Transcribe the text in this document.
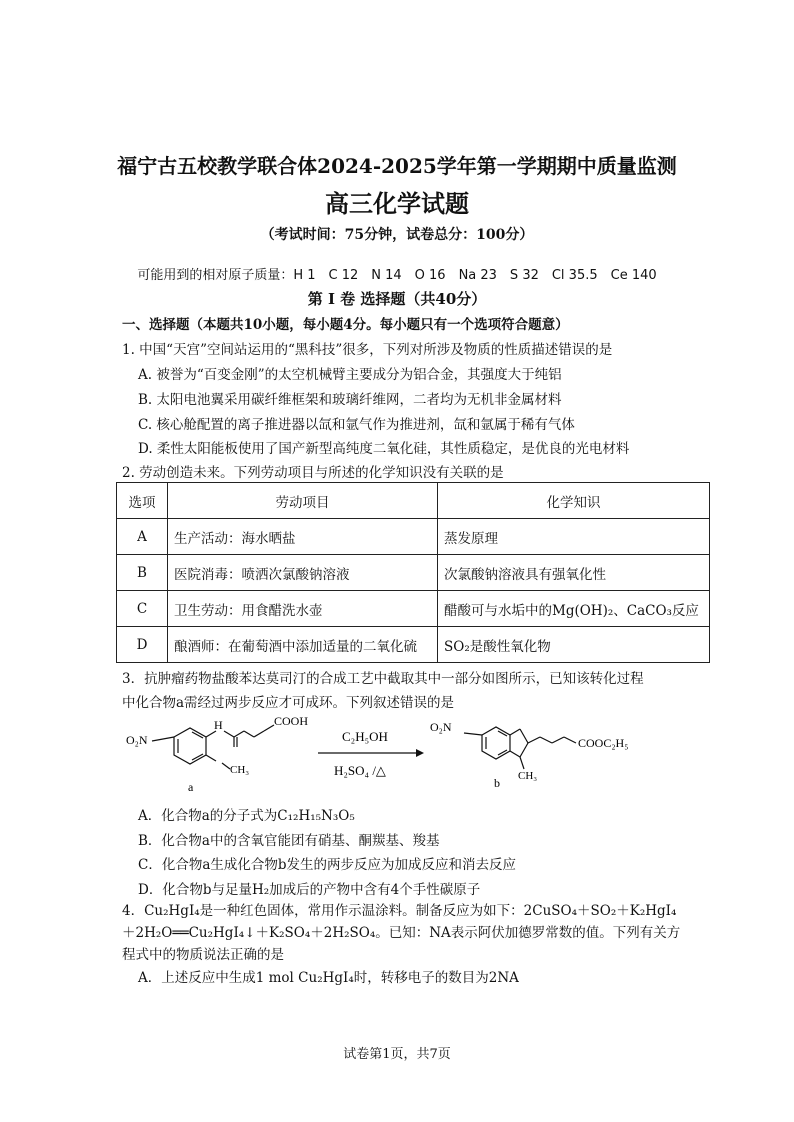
福宁古五校教学联合体2024-2025学年第一学期期中质量监测
高三化学试题
（考试时间：75分钟，试卷总分：100分）
可能用到的相对原子质量：H 1　C 12　N 14　O 16　Na 23　S 32　Cl 35.5　Ce 140
第 I 卷 选择题（共40分）
一、选择题（本题共10小题，每小题4分。每小题只有一个选项符合题意）
1. 中国“天宫”空间站运用的“黑科技”很多，下列对所涉及物质的性质描述错误的是
A. 被誉为“百变金刚”的太空机械臂主要成分为铝合金，其强度大于纯铝
B. 太阳电池翼采用碳纤维框架和玻璃纤维网，二者均为无机非金属材料
C. 核心舱配置的离子推进器以氙和氩气作为推进剂，氙和氩属于稀有气体
D. 柔性太阳能板使用了国产新型高纯度二氧化硅，其性质稳定，是优良的光电材料
2. 劳动创造未来。下列劳动项目与所述的化学知识没有关联的是
选项	劳动项目	化学知识
A	生产活动：海水晒盐	蒸发原理
B	医院消毒：喷洒次氯酸钠溶液	次氯酸钠溶液具有强氧化性
C	卫生劳动：用食醋洗水壶	醋酸可与水垢中的Mg(OH)₂、CaCO₃反应
D	酿酒师：在葡萄酒中添加适量的二氧化硫	SO₂是酸性氧化物
3．抗肿瘤药物盐酸苯达莫司汀的合成工艺中截取其中一部分如图所示，已知该转化过程
中化合物a需经过两步反应才可成环。下列叙述错误的是
O₂N
H	COOH
CH₃
a
C₂H₅OH
H₂SO₄ /△
O₂N
COOC₂H₅
CH₃
b
A．化合物a的分子式为C₁₂H₁₅N₃O₅
B．化合物a中的含氧官能团有硝基、酮羰基、羧基
C．化合物a生成化合物b发生的两步反应为加成反应和消去反应
D．化合物b与足量H₂加成后的产物中含有4个手性碳原子
4．Cu₂HgI₄是一种红色固体，常用作示温涂料。制备反应为如下：2CuSO₄＋SO₂＋K₂HgI₄
＋2H₂O══Cu₂HgI₄↓＋K₂SO₄＋2H₂SO₄。已知：NA表示阿伏加德罗常数的值。下列有关方
程式中的物质说法正确的是
A．上述反应中生成1 mol Cu₂HgI₄时，转移电子的数目为2NA
试卷第1页，共7页
